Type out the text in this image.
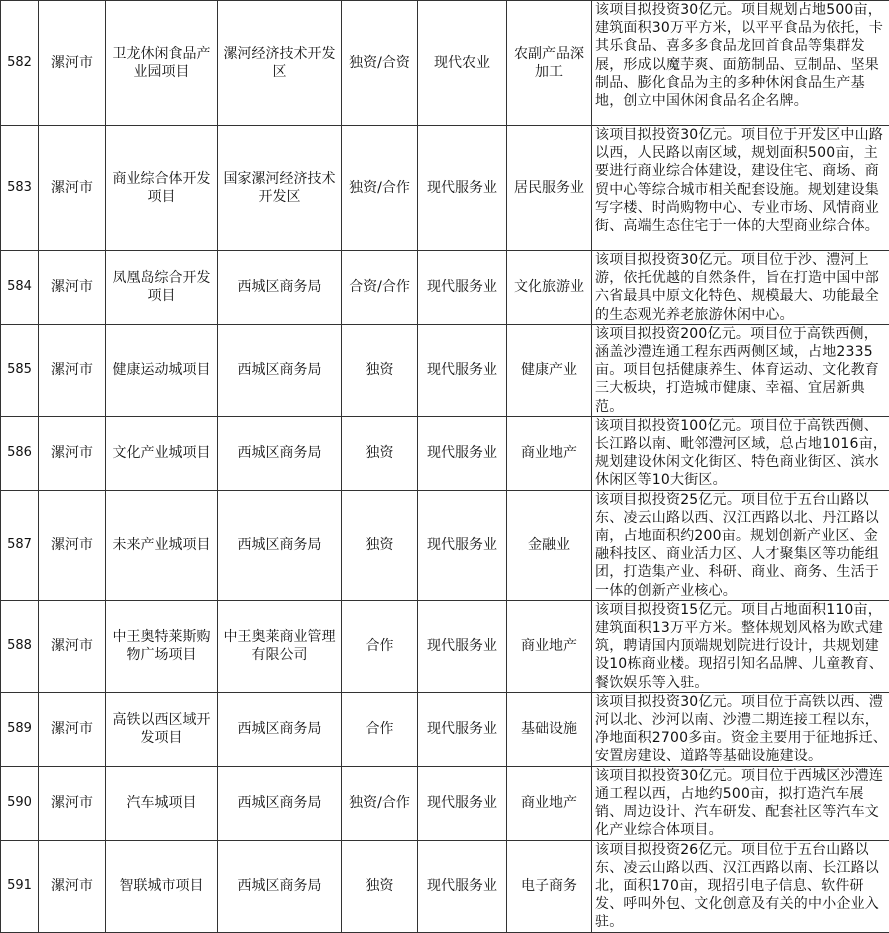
582	漯河市	卫龙休闲食品产业园项目	漯河经济技术开发区	独资/合资	现代农业	农副产品深加工	该项目拟投资30亿元。项目规划占地500亩，建筑面积30万平方米，以平平食品为依托，卡其乐食品、喜多多食品龙回首食品等集群发展，形成以魔芋爽、面筋制品、豆制品、坚果制品、膨化食品为主的多种休闲食品生产基地，创立中国休闲食品名企名牌。
583	漯河市	商业综合体开发项目	国家漯河经济技术开发区	独资/合作	现代服务业	居民服务业	该项目拟投资30亿元。项目位于开发区中山路以西，人民路以南区域，规划面积500亩，主要进行商业综合体建设，建设住宅、商场、商贸中心等综合城市相关配套设施。规划建设集写字楼、时尚购物中心、专业市场、风情商业街、高端生态住宅于一体的大型商业综合体。
584	漯河市	凤凰岛综合开发项目	西城区商务局	合资/合作	现代服务业	文化旅游业	该项目拟投资30亿元。项目位于沙、澧河上游，依托优越的自然条件，旨在打造中国中部六省最具中原文化特色、规模最大、功能最全的生态观光养老旅游休闲中心。
585	漯河市	健康运动城项目	西城区商务局	独资	现代服务业	健康产业	该项目拟投资200亿元。项目位于高铁西侧，涵盖沙澧连通工程东西两侧区域，占地2335亩。项目包括健康养生、体育运动、文化教育三大板块，打造城市健康、幸福、宜居新典范。
586	漯河市	文化产业城项目	西城区商务局	独资	现代服务业	商业地产	该项目拟投资100亿元。项目位于高铁西侧、长江路以南、毗邻澧河区域，总占地1016亩，规划建设休闲文化街区、特色商业街区、滨水休闲区等10大街区。
587	漯河市	未来产业城项目	西城区商务局	独资	现代服务业	金融业	该项目拟投资25亿元。项目位于五台山路以东、凌云山路以西、汉江西路以北、丹江路以南，占地面积约200亩。规划创新产业区、金融科技区、商业活力区、人才聚集区等功能组团，打造集产业、科研、商业、商务、生活于一体的创新产业核心。
588	漯河市	中王奥特莱斯购物广场项目	中王奥莱商业管理有限公司	合作	现代服务业	商业地产	该项目拟投资15亿元。项目占地面积110亩，建筑面积13万平方米。整体规划风格为欧式建筑，聘请国内顶端规划院进行设计，共规划建设10栋商业楼。现招引知名品牌、儿童教育、餐饮娱乐等入驻。
589	漯河市	高铁以西区域开发项目	西城区商务局	合作	现代服务业	基础设施	该项目拟投资30亿元。项目位于高铁以西、澧河以北、沙河以南、沙澧二期连接工程以东，净地面积2700多亩。资金主要用于征地拆迁、安置房建设、道路等基础设施建设。
590	漯河市	汽车城项目	西城区商务局	独资/合作	现代服务业	商业地产	该项目拟投资30亿元。项目位于西城区沙澧连通工程以西，占地约500亩，拟打造汽车展销、周边设计、汽车研发、配套社区等汽车文化产业综合体项目。
591	漯河市	智联城市项目	西城区商务局	独资	现代服务业	电子商务	该项目拟投资26亿元。项目位于五台山路以东、凌云山路以西、汉江西路以南、长江路以北，面积170亩，现招引电子信息、软件研发、呼叫外包、文化创意及有关的中小企业入驻。
